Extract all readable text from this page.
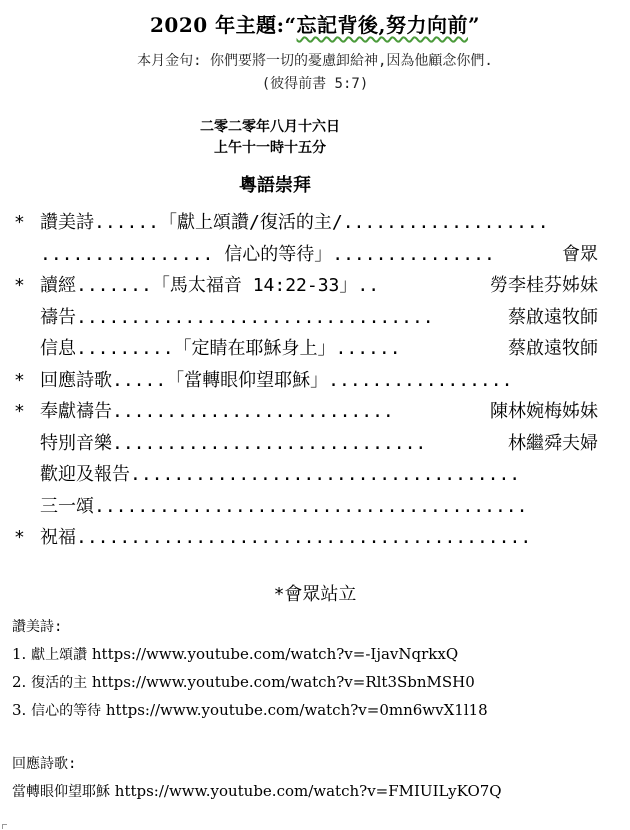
2020 年主題:“忘記背後,努力向前”
本月金句: 你們要將一切的憂慮卸給神,因為他顧念你們.
(彼得前書 5:7)
二零二零年八月十六日
上午十一時十五分
粵語崇拜
* 讚美詩......「獻上頌讚/復活的主/...................
................ 信心的等待」...............	會眾
* 讀經.......「馬太福音 14:22-33」..	勞李桂芬姊妹
禱告.................................	蔡啟遠牧師
信息.........「定睛在耶穌身上」......	蔡啟遠牧師
* 回應詩歌.....「當轉眼仰望耶穌」.................
* 奉獻禱告..........................	陳林婉梅姊妹
特別音樂.............................	林繼舜夫婦
歡迎及報告....................................
三一頌........................................
* 祝福..........................................
*會眾站立
讚美詩:
1. 獻上頌讚 https://www.youtube.com/watch?v=-IjavNqrkxQ
2. 復活的主 https://www.youtube.com/watch?v=Rlt3SbnMSH0
3. 信心的等待 https://www.youtube.com/watch?v=0mn6wvX1l18
回應詩歌:
當轉眼仰望耶穌 https://www.youtube.com/watch?v=FMIUILyKO7Q
